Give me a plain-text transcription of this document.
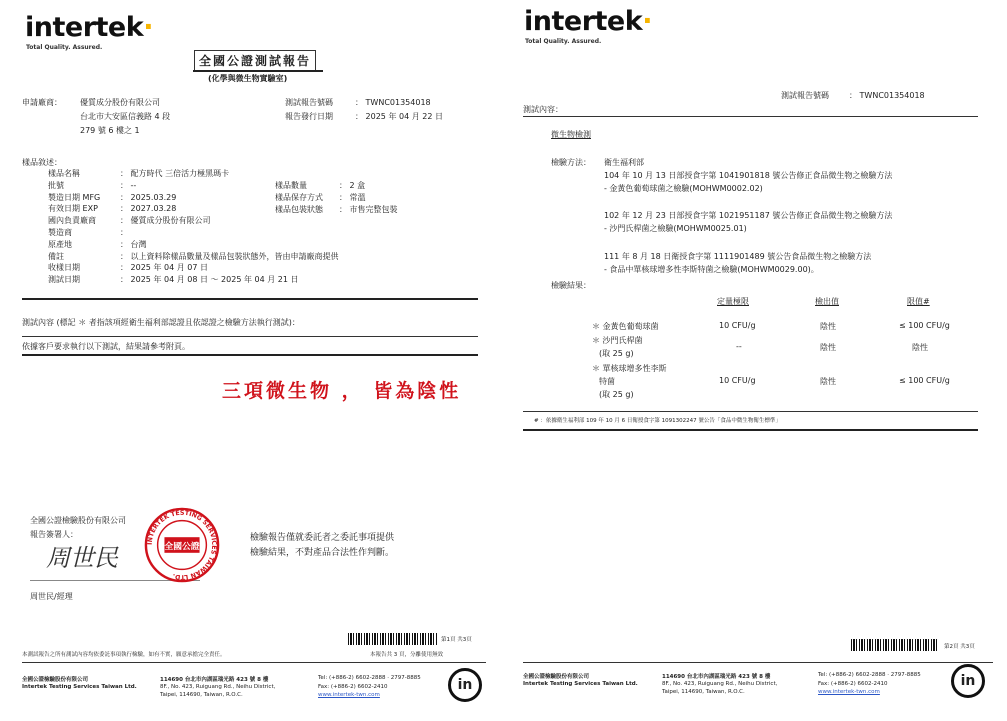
intertek·
Total Quality. Assured.
全國公證測試報告
(化學與微生物實驗室)
申請廠商： 優質成分股份有限公司
台北市大安區信義路 4 段
279 號 6 樓之 1
測試報告號碼	： TWNC01354018
報告發行日期	： 2025 年 04 月 22 日
樣品敘述：
樣品名稱	： 配方時代 三倍活力極黑瑪卡
批號	： --
製造日期 MFG	： 2025.03.29
有效日期 EXP	： 2027.03.28
國內負責廠商	： 優質成分股份有限公司
製造商	：
原產地	： 台灣
備註	： 以上資料除樣品數量及樣品包裝狀態外，皆由申請廠商提供
收樣日期	： 2025 年 04 月 07 日
測試日期	： 2025 年 04 月 08 日 ～ 2025 年 04 月 21 日
樣品數量	： 2 盒
樣品保存方式	： 常溫
樣品包裝狀態	： 市售完整包裝
測試內容 (標記 ＊ 者指該項經衛生福利部認證且依認證之檢驗方法執行測試)：
依據客戶要求執行以下測試，結果請參考附頁。
三項微生物 ， 皆為陰性
全國公證檢驗股份有限公司
報告簽署人：
周世民
周世民/經理
INTERTEK TESTING SERVICES TAIWAN LTD.
全國公證
檢驗報告僅就委託者之委託事項提供
檢驗結果，不對產品合法性作判斷。
第1頁 共3頁
本測試報告之所有測試內容均依委託事項執行檢驗，如有不實，願意承擔完全責任。	本報告共 3 頁，分離使用無效
全國公證檢驗股份有限公司
Intertek Testing Services Taiwan Ltd.
114690 台北市內湖區瑞光路 423 號 8 樓
8F., No. 423, Ruiguang Rd., Neihu District,
Taipei, 114690, Taiwan, R.O.C.
Tel: (+886-2) 6602-2888 · 2797-8885
Fax: (+886-2) 6602-2410
www.intertek-twn.com
in
intertek·
Total Quality. Assured.
測試報告號碼	： TWNC01354018
測試內容：
微生物檢測
檢驗方法： 衛生福利部
104 年 10 月 13 日部授食字第 1041901818 號公告修正食品微生物之檢驗方法
- 金黃色葡萄球菌之檢驗(MOHWM0002.02)
102 年 12 月 23 日部授食字第 1021951187 號公告修正食品微生物之檢驗方法
- 沙門氏桿菌之檢驗(MOHWM0025.01)
111 年 8 月 18 日衛授食字第 1111901489 號公告食品微生物之檢驗方法
- 食品中單核球增多性李斯特菌之檢驗(MOHWM0029.00)。
檢驗結果：
定量極限	檢出值	限值#
＊ 金黃色葡萄球菌	10 CFU/g	陰性	≤ 100 CFU/g
＊ 沙門氏桿菌
(取 25 g)
--	陰性	陰性
＊ 單核球增多性李斯
特菌
(取 25 g)
10 CFU/g	陰性	≤ 100 CFU/g
# ：依據衛生福利部 109 年 10 月 6 日衛授食字第 1091302247 號公告「食品中微生物衛生標準」
第2頁 共3頁
全國公證檢驗股份有限公司
Intertek Testing Services Taiwan Ltd.
114690 台北市內湖區瑞光路 423 號 8 樓
8F., No. 423, Ruiguang Rd., Neihu District,
Taipei, 114690, Taiwan, R.O.C.
Tel: (+886-2) 6602-2888 · 2797-8885
Fax: (+886-2) 6602-2410
www.intertek-twn.com
in
